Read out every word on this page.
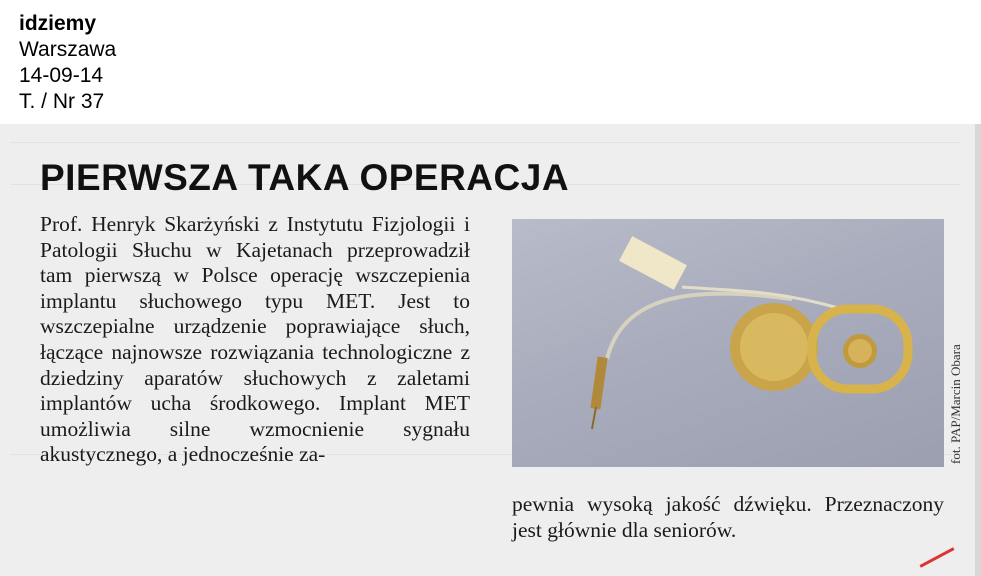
idziemy
Warszawa
14-09-14
T. / Nr 37
PIERWSZA TAKA OPERACJA
Prof. Henryk Skarżyński z Instytutu Fizjologii i Patologii Słuchu w Kajetanach przeprowadził tam pierwszą w Polsce operację wszczepienia implantu słuchowego typu MET. Jest to wszczepialne urządzenie poprawiające słuch, łączące najnowsze rozwiązania technologiczne z dziedziny aparatów słuchowych z zaletami implantów ucha środkowego. Implant MET umożliwia silne wzmocnienie sygnału akustycznego, a jednocześnie za-	fot. PAP/Marcin Obara
pewnia wysoką jakość dźwięku. Przeznaczony jest głównie dla seniorów.
